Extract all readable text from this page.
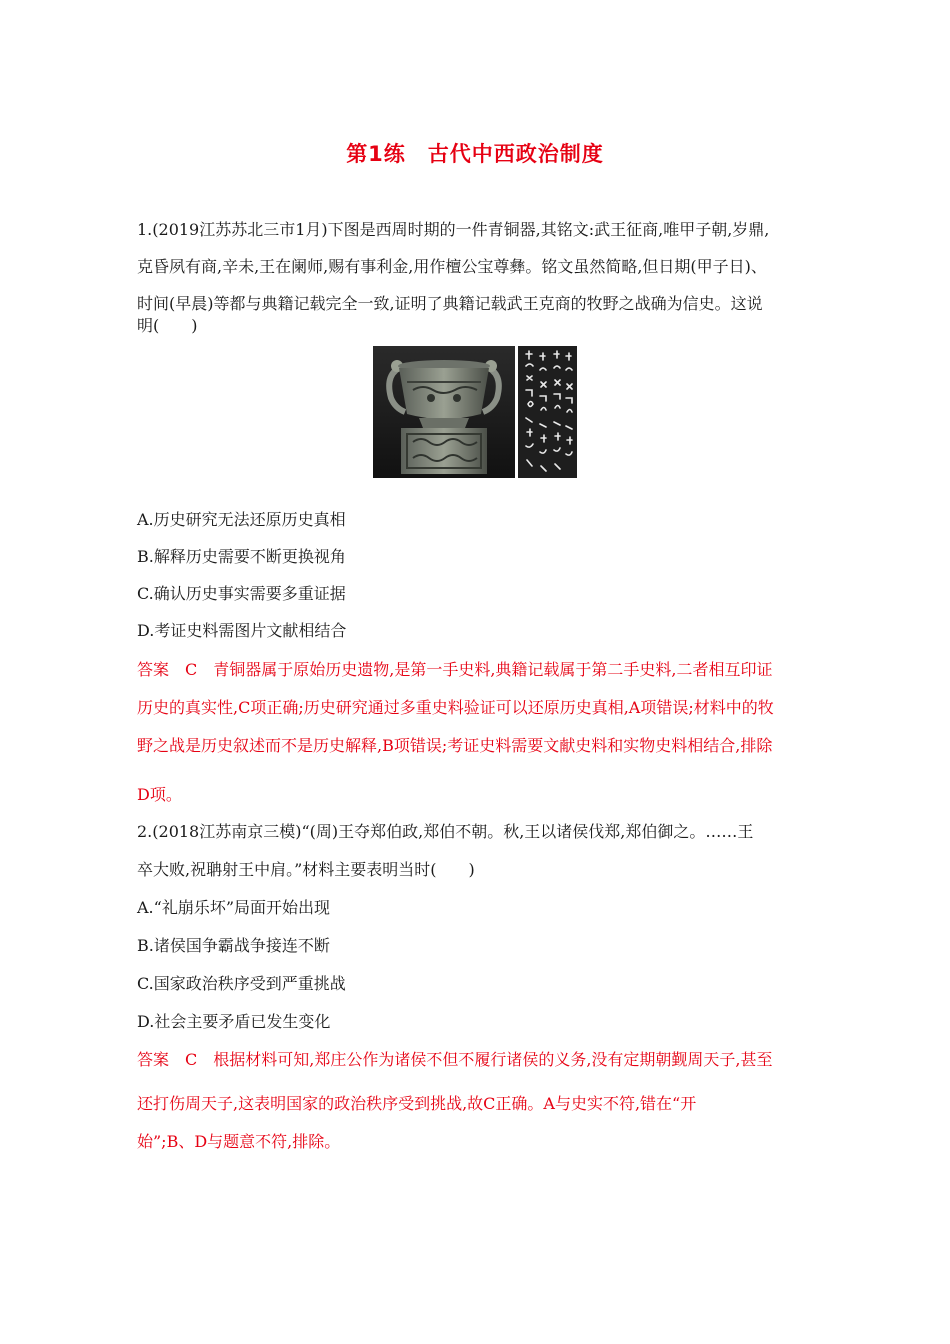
第1练　古代中西政治制度
1.(2019江苏苏北三市1月)下图是西周时期的一件青铜器,其铭文:武王征商,唯甲子朝,岁鼎,
克昏夙有商,辛未,王在阑师,赐有事利金,用作檀公宝尊彝。铭文虽然简略,但日期(甲子日)、
时间(早晨)等都与典籍记载完全一致,证明了典籍记载武王克商的牧野之战确为信史。这说
明(　　)
A.历史研究无法还原历史真相
B.解释历史需要不断更换视角
C.确认历史事实需要多重证据
D.考证史料需图片文献相结合
答案　C　青铜器属于原始历史遗物,是第一手史料,典籍记载属于第二手史料,二者相互印证
历史的真实性,C项正确;历史研究通过多重史料验证可以还原历史真相,A项错误;材料中的牧
野之战是历史叙述而不是历史解释,B项错误;考证史料需要文献史料和实物史料相结合,排除
D项。
2.(2018江苏南京三模)“(周)王夺郑伯政,郑伯不朝。秋,王以诸侯伐郑,郑伯御之。……王
卒大败,祝聃射王中肩。”材料主要表明当时(　　)
A.“礼崩乐坏”局面开始出现
B.诸侯国争霸战争接连不断
C.国家政治秩序受到严重挑战
D.社会主要矛盾已发生变化
答案　C　根据材料可知,郑庄公作为诸侯不但不履行诸侯的义务,没有定期朝觐周天子,甚至
还打伤周天子,这表明国家的政治秩序受到挑战,故C正确。A与史实不符,错在“开
始”;B、D与题意不符,排除。
